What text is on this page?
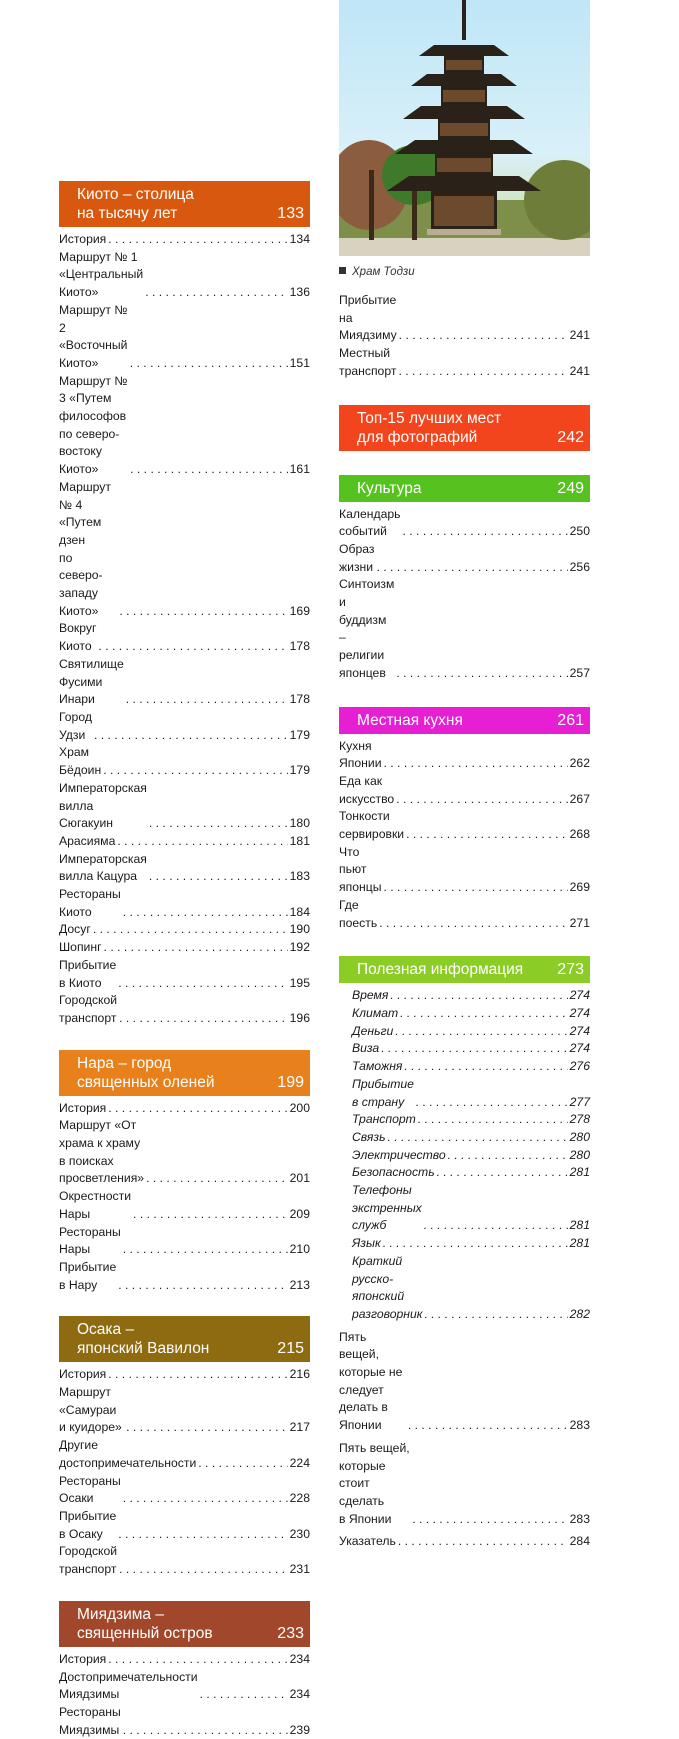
Киото – столица
на тысячу лет	133
История . . .	134
Маршрут № 1 «Центральный Киото» . . .	136
Маршрут № 2 «Восточный Киото» . . .	151
Маршрут № 3 «Путем философов
по северо-востоку Киото» . . .	161
Маршрут № 4 «Путем дзен
по северо-западу Киото» . . .	169
Вокруг Киото . . .	178
Святилище Фусими Инари . . .	178
Город Удзи . . .	179
Храм Бёдоин . . .	179
Императорская вилла Сюгакуин . . .	180
Арасияма . . .	181
Императорская вилла Кацура . . .	183
Рестораны Киото . . .	184
Досуг . . .	190
Шопинг . . .	192
Прибытие в Киото . . .	195
Городской транспорт . . .	196
Нара – город
священных оленей	199
История . . .	200
Маршрут «От храма к храму
в поисках просветления» . . .	201
Окрестности Нары . . .	209
Рестораны Нары . . .	210
Прибытие в Нару . . .	213
Осака –
японский Вавилон	215
История . . .	216
Маршрут «Самураи и куидоре» . . .	217
Другие достопримечательности . . .	224
Рестораны Осаки . . .	228
Прибытие в Осаку . . .	230
Городской транспорт . . .	231
Миядзима –
священный остров	233
История . . .	234
Достопримечательности
Миядзимы . . .	234
Рестораны Миядзимы . . .	239
Храм Тодзи
Прибытие на Миядзиму . . .	241
Местный транспорт . . .	241
Топ-15 лучших мест
для фотографий	242
Культура	249
Календарь событий . . .	250
Образ жизни . . .	256
Синтоизм и буддизм –
религии японцев . . .	257
Местная кухня	261
Кухня Японии . . .	262
Еда как искусство . . .	267
Тонкости сервировки . . .	268
Что пьют японцы . . .	269
Где поесть . . .	271
Полезная информация 273
Время . . .	274
Климат . . .	274
Деньги . . .	274
Виза . . .	274
Таможня . . .	276
Прибытие в страну . . .	277
Транспорт . . .	278
Связь . . .	280
Электричество . . .	280
Безопасность . . .	281
Телефоны экстренных служб . . .	281
Язык . . .	281
Краткий
русско-японский разговорник . . .	282
Пять вещей, которые не следует
делать в Японии . . .	283
Пять вещей, которые стоит сделать
в Японии . . .	283
Указатель . . .	284
